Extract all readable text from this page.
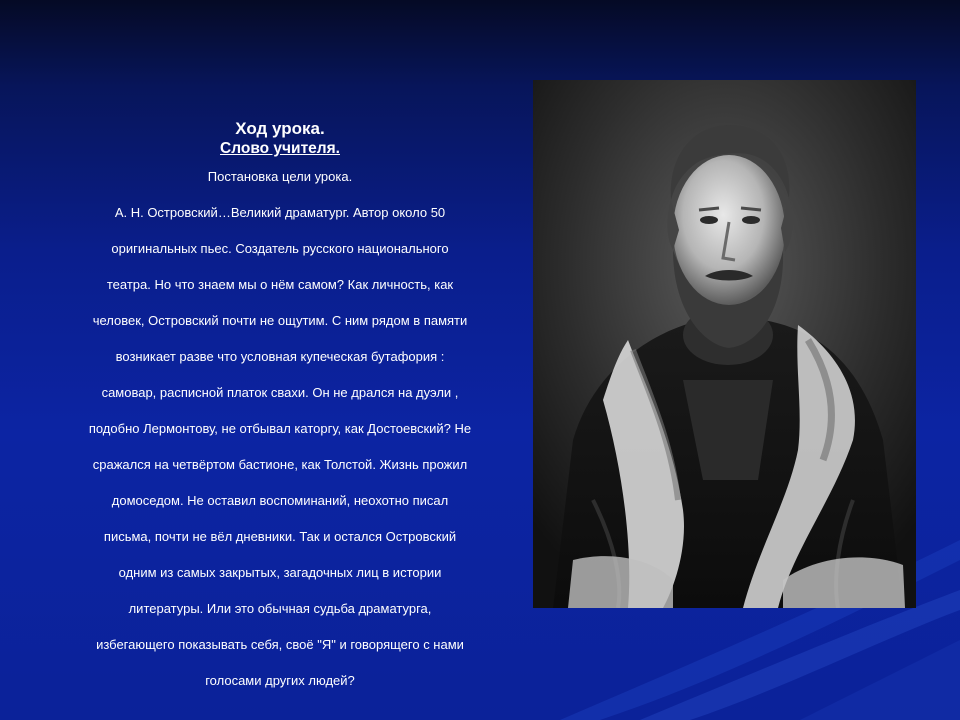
Ход урока.

Слово учителя.

Постановка цели урока.

А. Н. Островский…Великий драматург. Автор около 50

оригинальных пьес. Создатель русского национального

театра. Но что знаем мы о нём самом? Как личность, как

человек, Островский почти не ощутим. С ним рядом в памяти

возникает разве что условная купеческая бутафория :

самовар, расписной платок свахи. Он не дрался на дуэли ,

подобно Лермонтову, не отбывал каторгу, как Достоевский? Не

сражался на четвёртом бастионе, как Толстой. Жизнь прожил

домоседом. Не оставил воспоминаний, неохотно писал

письма, почти не вёл дневники. Так и остался Островский

одним из самых закрытых, загадочных лиц в истории

литературы. Или это обычная судьба драматурга,

избегающего показывать себя, своё "Я" и говорящего с нами

голосами других людей?
